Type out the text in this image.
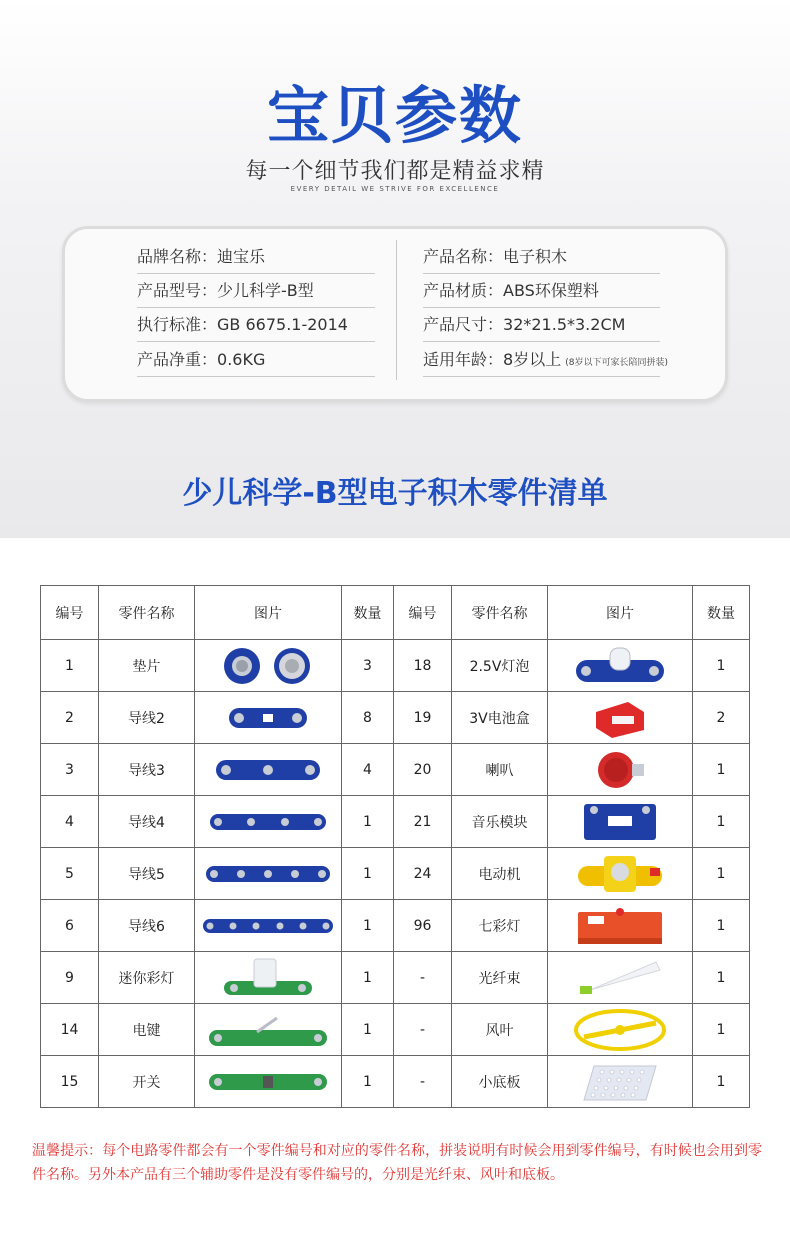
宝贝参数
每一个细节我们都是精益求精
EVERY DETAIL WE STRIVE FOR EXCELLENCE
品牌名称：迪宝乐
产品型号：少儿科学-B型
执行标准：GB 6675.1-2014
产品净重：0.6KG
产品名称：电子积木
产品材质：ABS环保塑料
产品尺寸：32*21.5*3.2CM
适用年龄：8岁以上 (8岁以下可家长陪同拼装)
少儿科学-B型电子积木零件清单
编号	零件名称	图片	数量	编号	零件名称	图片	数量
1	垫片		3	18	2.5V灯泡		1
2	导线2		8	19	3V电池盒		2
3	导线3		4	20	喇叭		1
4	导线4		1	21	音乐模块		1
5	导线5		1	24	电动机		1
6	导线6		1	96	七彩灯		1
9	迷你彩灯		1	-	光纤束		1
14	电键		1	-	风叶		1
15	开关		1	-	小底板		1
温馨提示：每个电路零件都会有一个零件编号和对应的零件名称，拼装说明有时候会用到零件编号，有时候也会用到零件名称。另外本产品有三个辅助零件是没有零件编号的，分别是光纤束、风叶和底板。
